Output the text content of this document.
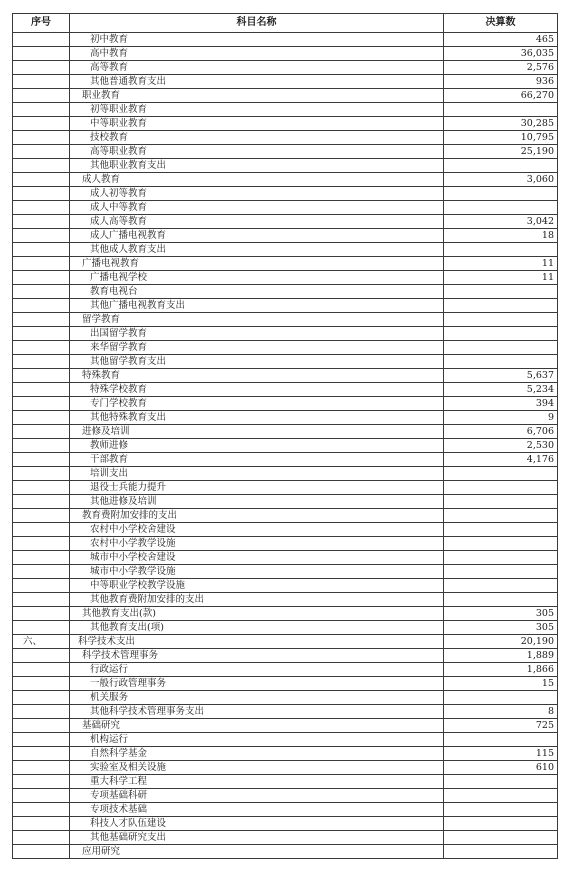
序号	科目名称	决算数
	初中教育	465
	高中教育	36,035
	高等教育	2,576
	其他普通教育支出	936
	职业教育	66,270
	初等职业教育	
	中等职业教育	30,285
	技校教育	10,795
	高等职业教育	25,190
	其他职业教育支出	
	成人教育	3,060
	成人初等教育	
	成人中等教育	
	成人高等教育	3,042
	成人广播电视教育	18
	其他成人教育支出	
	广播电视教育	11
	广播电视学校	11
	教育电视台	
	其他广播电视教育支出	
	留学教育	
	出国留学教育	
	来华留学教育	
	其他留学教育支出	
	特殊教育	5,637
	特殊学校教育	5,234
	专门学校教育	394
	其他特殊教育支出	9
	进修及培训	6,706
	教师进修	2,530
	干部教育	4,176
	培训支出	
	退役士兵能力提升	
	其他进修及培训	
	教育费附加安排的支出	
	农村中小学校舍建设	
	农村中小学教学设施	
	城市中小学校舍建设	
	城市中小学教学设施	
	中等职业学校教学设施	
	其他教育费附加安排的支出	
	其他教育支出(款)	305
	其他教育支出(项)	305
六、	科学技术支出	20,190
	科学技术管理事务	1,889
	行政运行	1,866
	一般行政管理事务	15
	机关服务	
	其他科学技术管理事务支出	8
	基础研究	725
	机构运行	
	自然科学基金	115
	实验室及相关设施	610
	重大科学工程	
	专项基础科研	
	专项技术基础	
	科技人才队伍建设	
	其他基础研究支出	
	应用研究	
